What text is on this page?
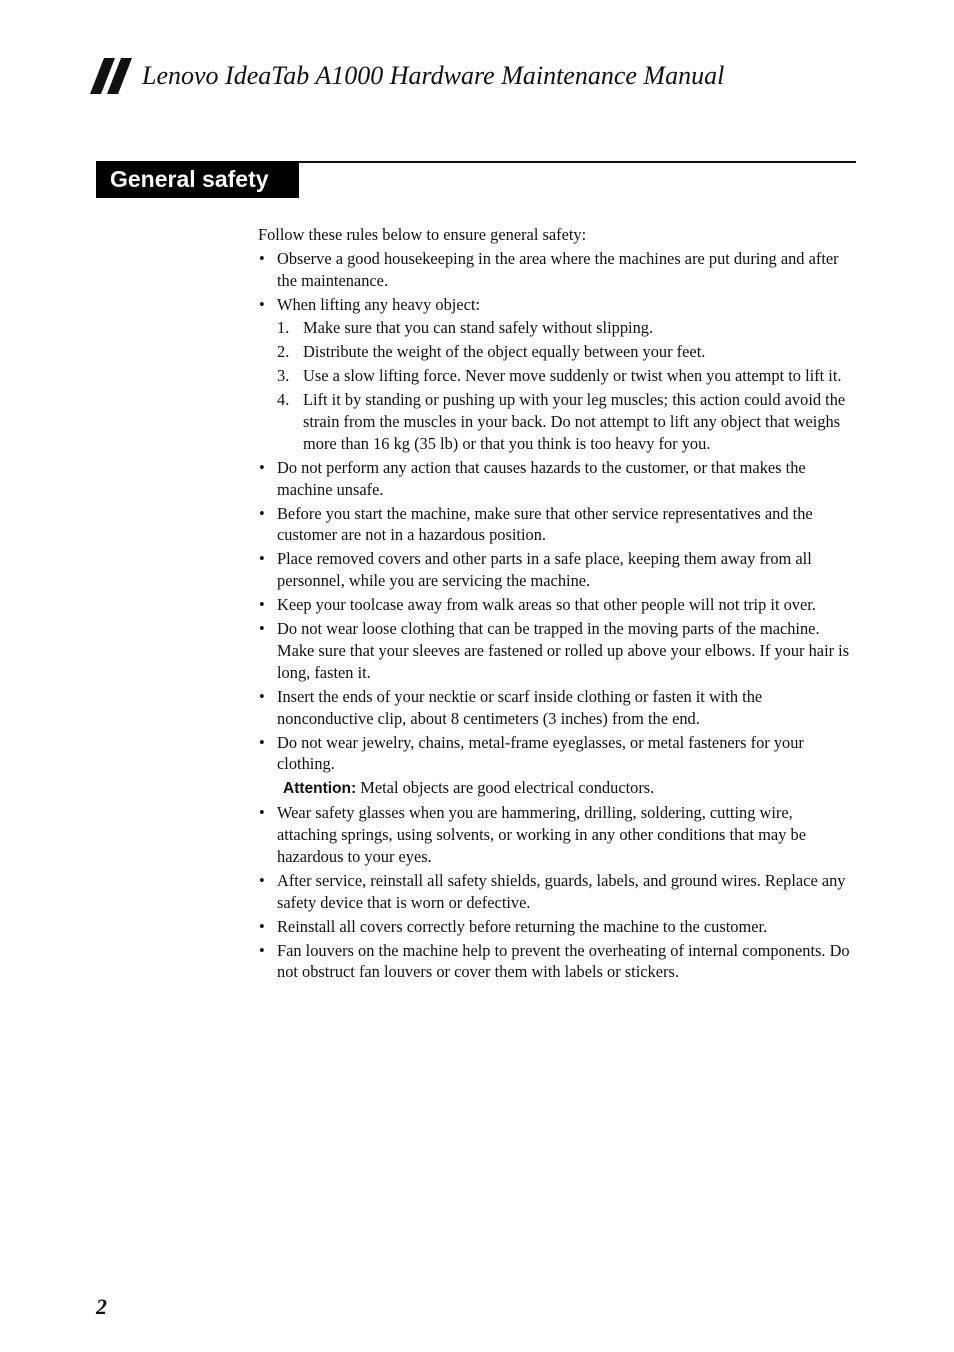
Lenovo IdeaTab A1000 Hardware Maintenance Manual
General safety

Follow these rules below to ensure general safety:

• Observe a good housekeeping in the area where the machines are put during and after the maintenance.
• When lifting any heavy object:
1. Make sure that you can stand safely without slipping.
2. Distribute the weight of the object equally between your feet.
3. Use a slow lifting force. Never move suddenly or twist when you attempt to lift it.
4. Lift it by standing or pushing up with your leg muscles; this action could avoid the strain from the muscles in your back. Do not attempt to lift any object that weighs more than 16 kg (35 lb) or that you think is too heavy for you.
• Do not perform any action that causes hazards to the customer, or that makes the machine unsafe.
• Before you start the machine, make sure that other service representatives and the customer are not in a hazardous position.
• Place removed covers and other parts in a safe place, keeping them away from all personnel, while you are servicing the machine.
• Keep your toolcase away from walk areas so that other people will not trip it over.
• Do not wear loose clothing that can be trapped in the moving parts of the machine. Make sure that your sleeves are fastened or rolled up above your elbows. If your hair is long, fasten it.
• Insert the ends of your necktie or scarf inside clothing or fasten it with the nonconductive clip, about 8 centimeters (3 inches) from the end.
• Do not wear jewelry, chains, metal-frame eyeglasses, or metal fasteners for your clothing.
Attention: Metal objects are good electrical conductors.
• Wear safety glasses when you are hammering, drilling, soldering, cutting wire, attaching springs, using solvents, or working in any other conditions that may be hazardous to your eyes.
• After service, reinstall all safety shields, guards, labels, and ground wires. Replace any safety device that is worn or defective.
• Reinstall all covers correctly before returning the machine to the customer.
• Fan louvers on the machine help to prevent the overheating of internal components. Do not obstruct fan louvers or cover them with labels or stickers.
2
